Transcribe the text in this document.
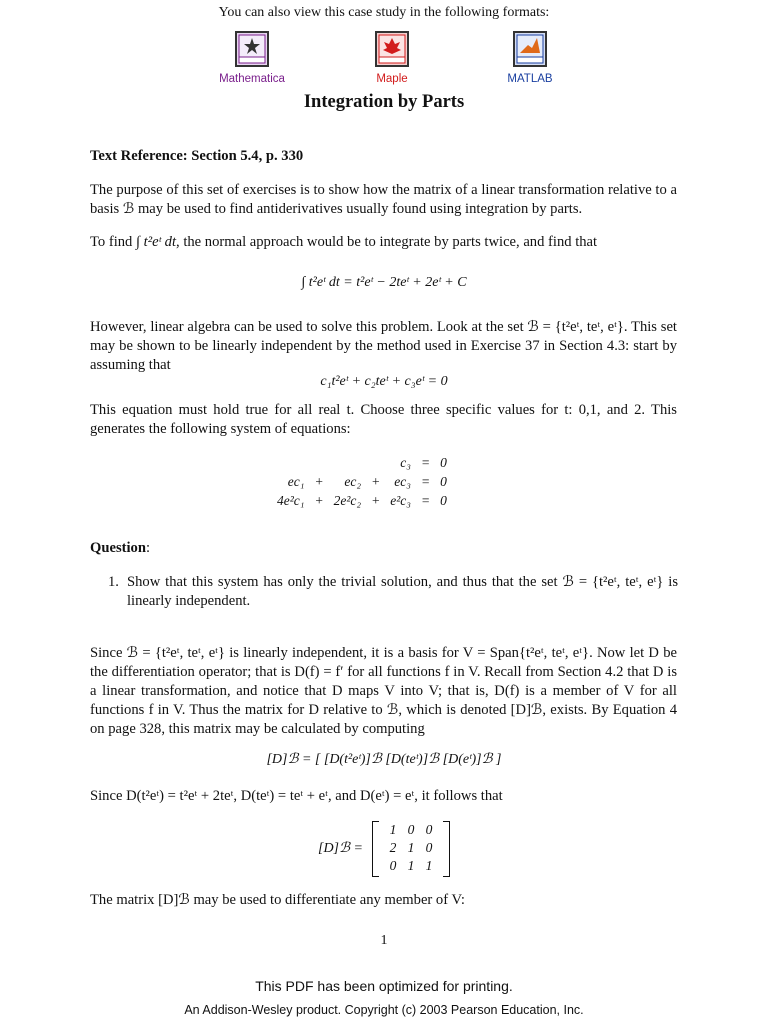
You can also view this case study in the following formats:
Mathematica	Maple	MATLAB
Integration by Parts

Text Reference: Section 5.4, p. 330

The purpose of this set of exercises is to show how the matrix of a linear transformation relative to a basis ℬ may be used to find antiderivatives usually found using integration by parts.

To find ∫ t²eᵗ dt, the normal approach would be to integrate by parts twice, and find that

∫ t²eᵗ dt = t²eᵗ − 2teᵗ + 2eᵗ + C

However, linear algebra can be used to solve this problem. Look at the set ℬ = {t²eᵗ, teᵗ, eᵗ}. This set may be shown to be linearly independent by the method used in Exercise 37 in Section 4.3: start by assuming that

c₁t²eᵗ + c₂teᵗ + c₃eᵗ = 0

This equation must hold true for all real t. Choose three specific values for t: 0,1, and 2. This generates the following system of equations:

				c₃	=	0
ec₁	+	ec₂	+	ec₃	=	0
4e²c₁	+	2e²c₂	+	e²c₃	=	0

Question:

1. Show that this system has only the trivial solution, and thus that the set ℬ = {t²eᵗ, teᵗ, eᵗ} is linearly independent.

Since ℬ = {t²eᵗ, teᵗ, eᵗ} is linearly independent, it is a basis for V = Span{t²eᵗ, teᵗ, eᵗ}. Now let D be the differentiation operator; that is D(f) = f′ for all functions f in V. Recall from Section 4.2 that D is a linear transformation, and notice that D maps V into V; that is, D(f) is a member of V for all functions f in V. Thus the matrix for D relative to ℬ, which is denoted [D]ℬ, exists. By Equation 4 on page 328, this matrix may be calculated by computing

[D]ℬ = [ [D(t²eᵗ)]ℬ [D(teᵗ)]ℬ [D(eᵗ)]ℬ ]

Since D(t²eᵗ) = t²eᵗ + 2teᵗ, D(teᵗ) = teᵗ + eᵗ, and D(eᵗ) = eᵗ, it follows that

[D]ℬ =
1	0	0
2	1	0
0	1	1

The matrix [D]ℬ may be used to differentiate any member of V:

1
This PDF has been optimized for printing.
An Addison-Wesley product. Copyright (c) 2003 Pearson Education, Inc.
